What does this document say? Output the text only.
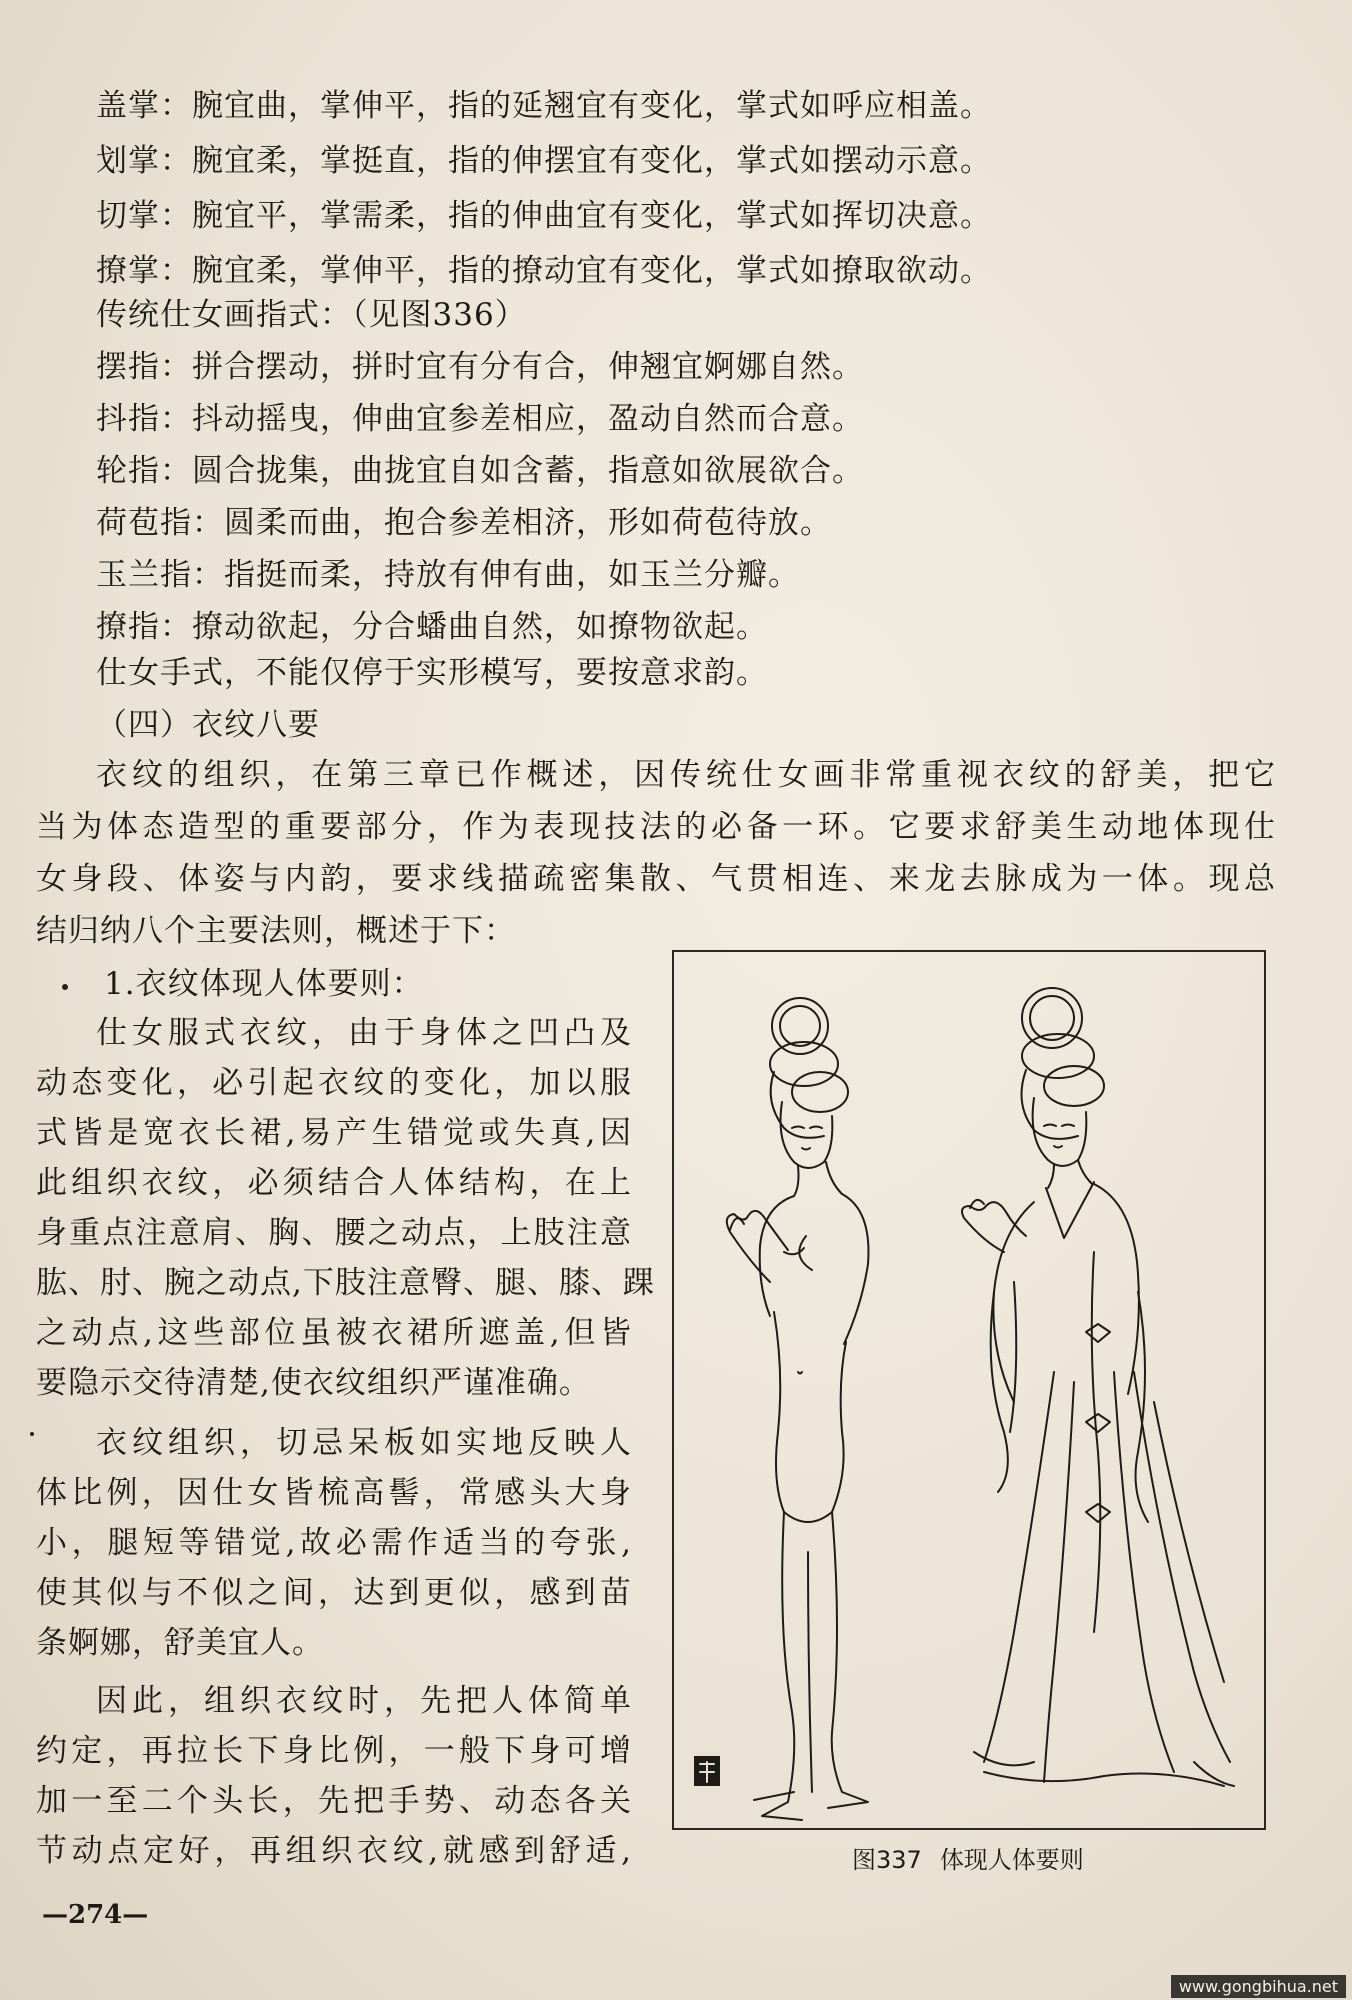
盖掌：腕宜曲，掌伸平，指的延翘宜有变化，掌式如呼应相盖。
划掌：腕宜柔，掌挺直，指的伸摆宜有变化，掌式如摆动示意。
切掌：腕宜平，掌需柔，指的伸曲宜有变化，掌式如挥切决意。
撩掌：腕宜柔，掌伸平，指的撩动宜有变化，掌式如撩取欲动。
传统仕女画指式：（见图336）
摆指：拼合摆动，拼时宜有分有合，伸翘宜婀娜自然。
抖指：抖动摇曳，伸曲宜参差相应，盈动自然而合意。
轮指：圆合拢集，曲拢宜自如含蓄，指意如欲展欲合。
荷苞指：圆柔而曲，抱合参差相济，形如荷苞待放。
玉兰指：指挺而柔，持放有伸有曲，如玉兰分瓣。
撩指：撩动欲起，分合蟠曲自然，如撩物欲起。
仕女手式，不能仅停于实形模写，要按意求韵。
（四）衣纹八要
衣纹的组织，在第三章已作概述，因传统仕女画非常重视衣纹的舒美，把它
当为体态造型的重要部分，作为表现技法的必备一环。它要求舒美生动地体现仕
女身段、体姿与内韵，要求线描疏密集散、气贯相连、来龙去脉成为一体。现总
结归纳八个主要法则，概述于下：
1.衣纹体现人体要则：
仕女服式衣纹，由于身体之凹凸及
动态变化，必引起衣纹的变化，加以服
式皆是宽衣长裙,易产生错觉或失真,因
此组织衣纹，必须结合人体结构，在上
身重点注意肩、胸、腰之动点，上肢注意
肱、肘、腕之动点,下肢注意臀、腿、膝、踝
之动点,这些部位虽被衣裙所遮盖,但皆
要隐示交待清楚,使衣纹组织严谨准确。
衣纹组织，切忌呆板如实地反映人
体比例，因仕女皆梳高髻，常感头大身
小，腿短等错觉,故必需作适当的夸张,
使其似与不似之间，达到更似，感到苗
条婀娜，舒美宜人。
因此，组织衣纹时，先把人体简单
约定，再拉长下身比例，一般下身可增
加一至二个头长，先把手势、动态各关
节动点定好，再组织衣纹,就感到舒适,	图337 体现人体要则
—274—
www.gongbihua.net
